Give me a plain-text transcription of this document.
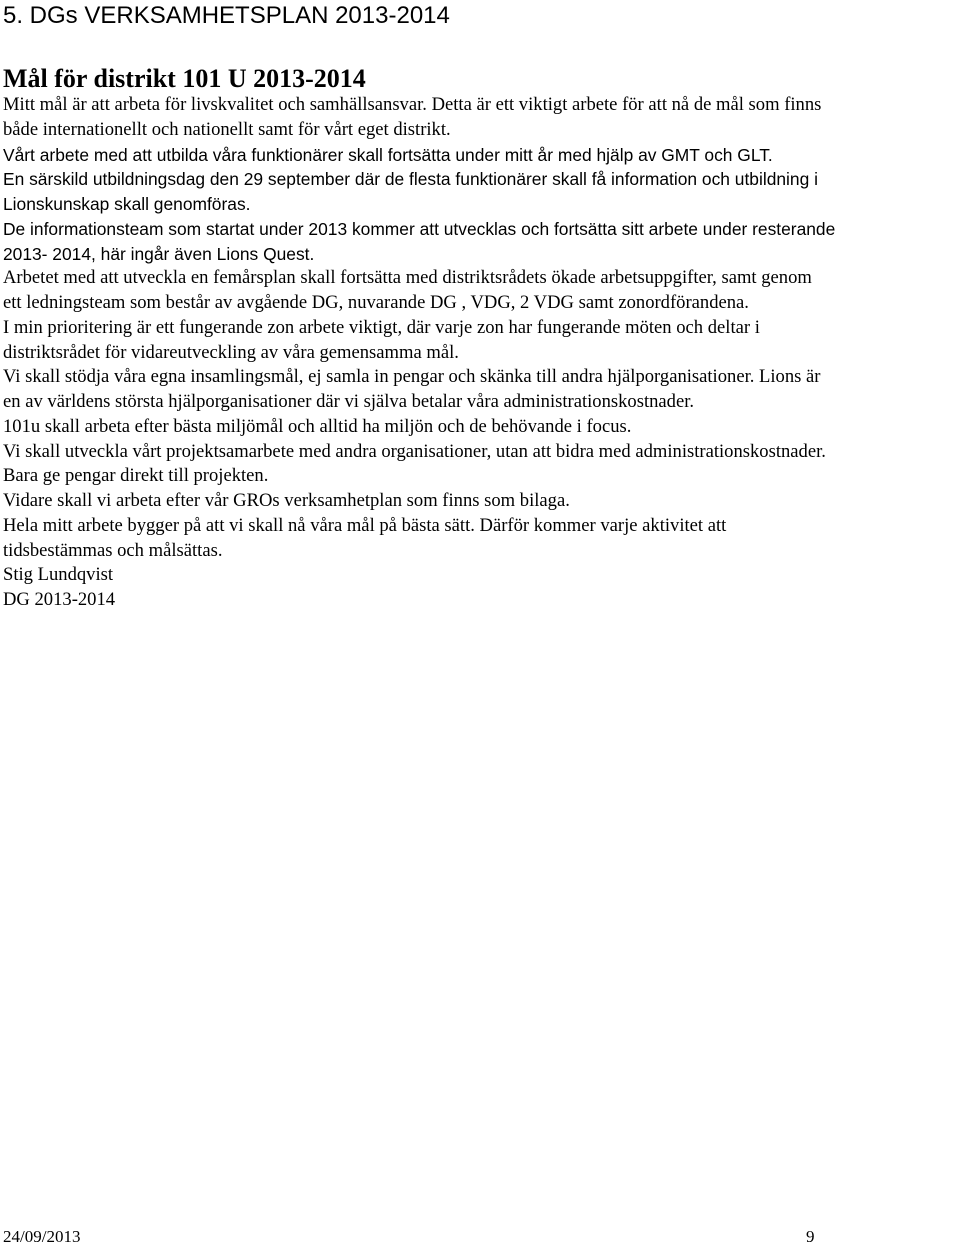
5. DGs VERKSAMHETSPLAN 2013-2014
Mål för distrikt 101 U 2013-2014
Mitt mål är att arbeta för livskvalitet och samhällsansvar. Detta är ett viktigt arbete för att nå de mål som finns
både internationellt och nationellt samt för vårt eget distrikt.
Vårt arbete med att utbilda våra funktionärer skall fortsätta under mitt år med hjälp av GMT och GLT.
En särskild utbildningsdag den 29 september där de flesta funktionärer skall få information och utbildning i
Lionskunskap skall genomföras.
De informationsteam som startat under 2013 kommer att utvecklas och fortsätta sitt arbete under resterande
2013- 2014, här ingår även Lions Quest.
Arbetet med att utveckla en femårsplan skall fortsätta med distriktsrådets ökade arbetsuppgifter, samt genom
ett ledningsteam som består av avgående DG, nuvarande DG , VDG, 2 VDG samt zonordförandena.
I min prioritering är ett fungerande zon arbete viktigt, där varje zon har fungerande möten och deltar i
distriktsrådet för vidareutveckling av våra gemensamma mål.
Vi skall stödja våra egna insamlingsmål, ej samla in pengar och skänka till andra hjälporganisationer. Lions är
en av världens största hjälporganisationer där vi själva betalar våra administrationskostnader.
101u skall arbeta efter bästa miljömål och alltid ha miljön och de behövande i focus.
Vi skall utveckla vårt projektsamarbete med andra organisationer, utan att bidra med administrationskostnader.
Bara ge pengar direkt till projekten.
Vidare skall vi arbeta efter vår GROs verksamhetplan som finns som bilaga.
Hela mitt arbete bygger på att vi skall nå våra mål på bästa sätt. Därför kommer varje aktivitet att
tidsbestämmas och målsättas.
Stig Lundqvist
DG 2013-2014
24/09/2013	9
